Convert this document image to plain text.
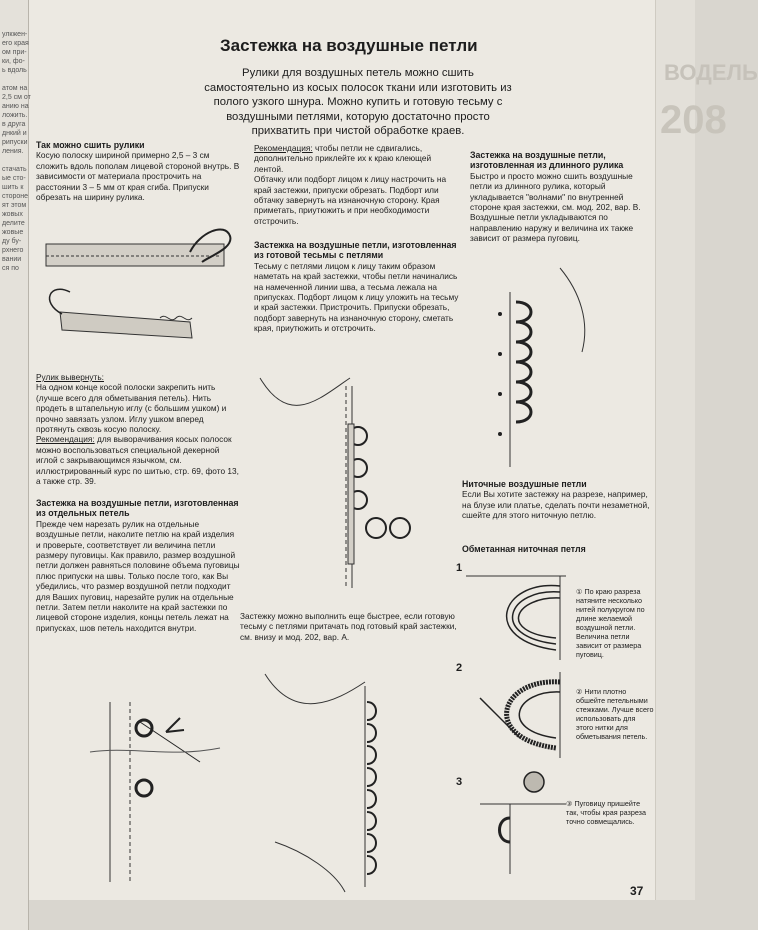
улкжен-

его края

ом при-

ки, фо-

ь вдоль

атом на

2,5 см от

анию на

ложить.

в друга

днкий и

рипуски

ления.

стачать

ые сто-

шить к

стороне

ят этом

жовых

делите

жовые

ду бу-

рхнего

вании

ся по

ВОДЕЛЬ
208
Застежка на воздушные петли
Рулики для воздушных петель можно сшить самостоятельно из косых полосок ткани или изготовить из полого узкого шнура. Можно купить и готовую тесьму с воздушными петлями, которую достаточно просто прихватить при чистой обработке краев.
Так можно сшить рулики
Косую полоску шириной примерно 2,5 – 3 см сложить вдоль пополам лицевой стороной внутрь. В зависимости от материала прострочить на расстоянии 3 – 5 мм от края сгиба. Припуски обрезать на ширину рулика.
Рулик вывернуть:
На одном конце косой полоски закрепить нить (лучше всего для обметывания петель). Нить продеть в штапельную иглу (с большим ушком) и прочно завязать узлом. Иглу ушком вперед протянуть сквозь косую полоску.
Рекомендация: для выворачивания косых полосок можно воспользоваться специальной декерной иглой с закрывающимся язычком, см. иллюстрированный курс по шитью, стр. 69, фото 13, а также стр. 39.
Застежка на воздушные петли, изготовленная из отдельных петель
Прежде чем нарезать рулик на отдельные воздушные петли, наколите петлю на край изделия и проверьте, соответствует ли величина петли размеру пуговицы. Как правило, размер воздушной петли должен равняться половине объема пуговицы плюс припуски на швы. Только после того, как Вы убедились, что размер воздушной петли подходит для Ваших пуговиц, нарезайте рулик на отдельные петли. Затем петли наколите на край застежки по лицевой стороне изделия, концы петель лежат на припусках, шов петель находится внутри.
Рекомендация: чтобы петли не сдвигались, дополнительно приклейте их к краю клеющей лентой.
Обтачку или подборт лицом к лицу настрочить на край застежки, припуски обрезать. Подборт или обтачку завернуть на изнаночную сторону. Края приметать, приутюжить и при необходимости отстрочить.
Застежка на воздушные петли, изготовленная из готовой тесьмы с петлями
Тесьму с петлями лицом к лицу таким образом наметать на край застежки, чтобы петли начинались на намеченной линии шва, а тесьма лежала на припусках. Подборт лицом к лицу уложить на тесьму и край застежки. Пристрочить. Припуски обрезать, подборт завернуть на изнаночную сторону, сметать края, приутюжить и отстрочить.
Застежку можно выполнить еще быстрее, если готовую тесьму с петлями притачать под готовый край застежки, см. внизу и мод. 202, вар. А.
Застежка на воздушные петли, изготовленная из длинного рулика
Быстро и просто можно сшить воздушные петли из длинного рулика, который укладывается "волнами" по внутренней стороне края застежки, см. мод. 202, вар. В. Воздушные петли укладываются по направлению наружу и величина их также зависит от размера пуговиц.
Ниточные воздушные петли
Если Вы хотите застежку на разрезе, например, на блузе или платье, сделать почти незаметной, сшейте для этого ниточную петлю.
Обметанная ниточная петля
1
① По краю разреза натяните несколько нитей полукругом по длине желаемой воздушной петли. Величина петли зависит от размера пуговиц.
2
② Нити плотно обшейте петельными стежками. Лучше всего использовать для этого нитки для обметывания петель.
3
③ Пуговицу пришейте так, чтобы края разреза точно совмещались.
37
